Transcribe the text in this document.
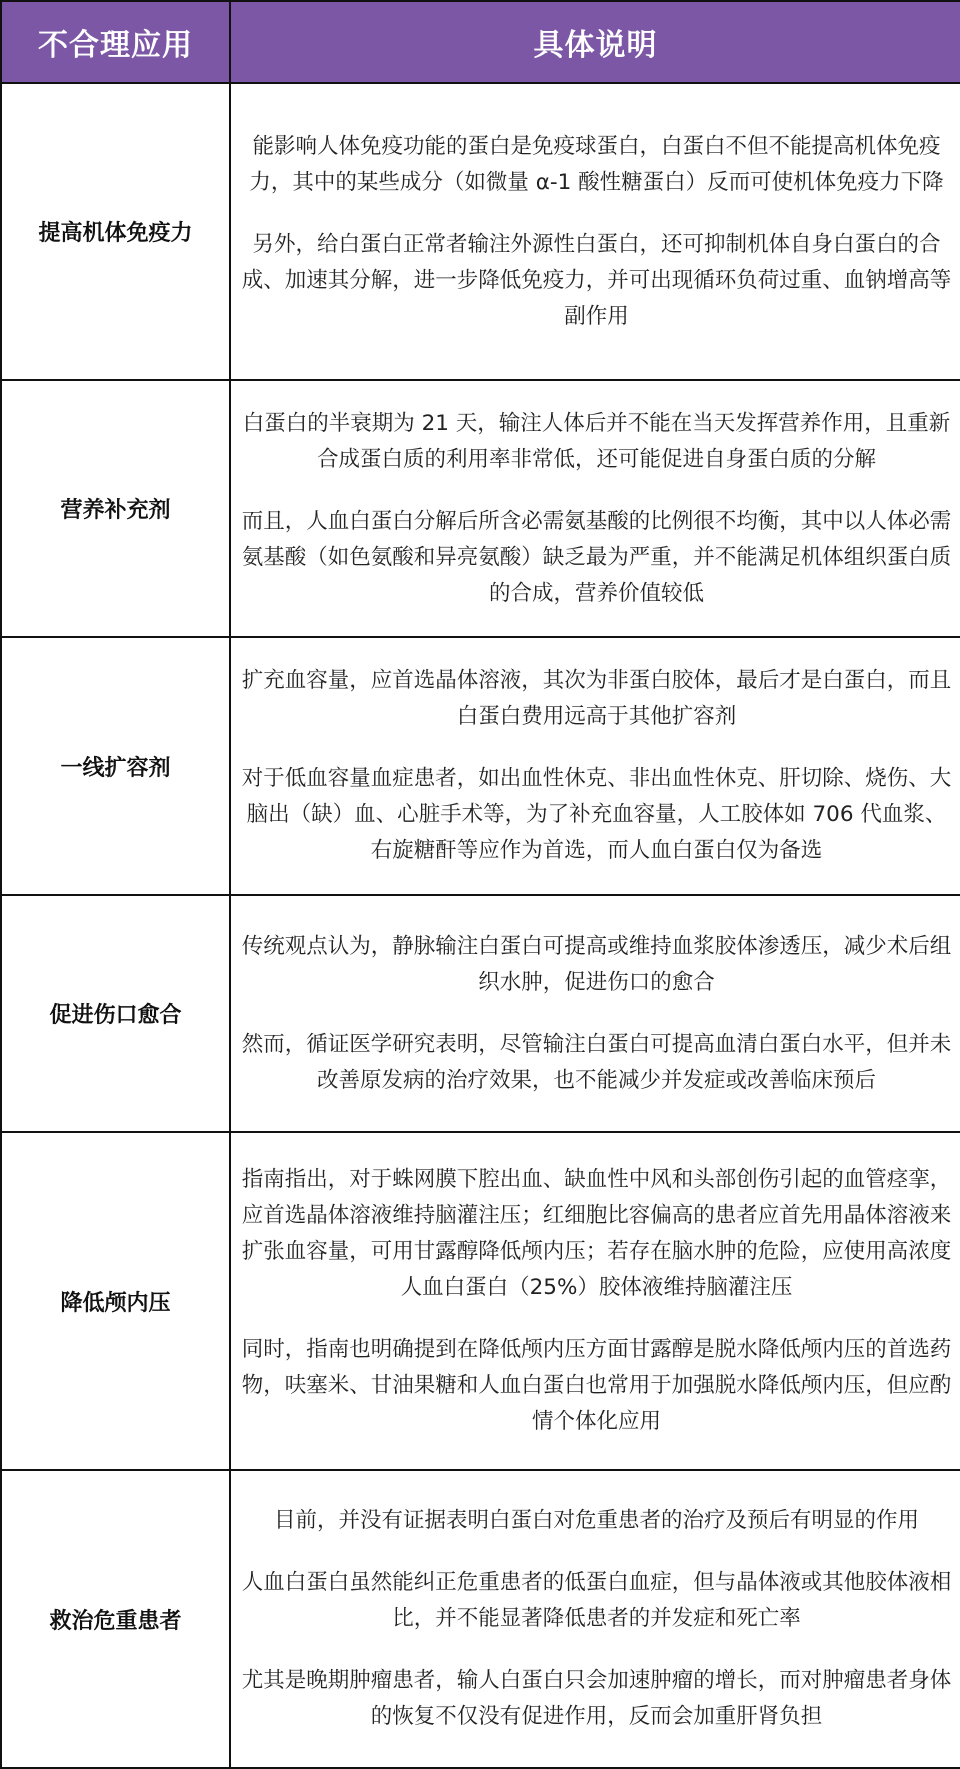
不合理应用	具体说明
提高机体免疫力	能影响人体免疫功能的蛋白是免疫球蛋白，白蛋白不但不能提高机体免疫力，其中的某些成分（如微量 α-1 酸性糖蛋白）反而可使机体免疫力下降

另外，给白蛋白正常者输注外源性白蛋白，还可抑制机体自身白蛋白的合成、加速其分解，进一步降低免疫力，并可出现循环负荷过重、血钠增高等副作用

营养补充剂	白蛋白的半衰期为 21 天，输注人体后并不能在当天发挥营养作用，且重新合成蛋白质的利用率非常低，还可能促进自身蛋白质的分解

而且，人血白蛋白分解后所含必需氨基酸的比例很不均衡，其中以人体必需氨基酸（如色氨酸和异亮氨酸）缺乏最为严重，并不能满足机体组织蛋白质的合成，营养价值较低

一线扩容剂	扩充血容量，应首选晶体溶液，其次为非蛋白胶体，最后才是白蛋白，而且白蛋白费用远高于其他扩容剂

对于低血容量血症患者，如出血性休克、非出血性休克、肝切除、烧伤、大脑出（缺）血、心脏手术等，为了补充血容量，人工胶体如 706 代血浆、右旋糖酐等应作为首选，而人血白蛋白仅为备选

促进伤口愈合	传统观点认为，静脉输注白蛋白可提高或维持血浆胶体渗透压，减少术后组织水肿，促进伤口的愈合

然而，循证医学研究表明，尽管输注白蛋白可提高血清白蛋白水平，但并未改善原发病的治疗效果，也不能减少并发症或改善临床预后

降低颅内压	指南指出，对于蛛网膜下腔出血、缺血性中风和头部创伤引起的血管痉挛，应首选晶体溶液维持脑灌注压；红细胞比容偏高的患者应首先用晶体溶液来扩张血容量，可用甘露醇降低颅内压；若存在脑水肿的危险，应使用高浓度人血白蛋白（25%）胶体液维持脑灌注压

同时，指南也明确提到在降低颅内压方面甘露醇是脱水降低颅内压的首选药物，呋塞米、甘油果糖和人血白蛋白也常用于加强脱水降低颅内压，但应酌情个体化应用

救治危重患者	目前，并没有证据表明白蛋白对危重患者的治疗及预后有明显的作用

人血白蛋白虽然能纠正危重患者的低蛋白血症，但与晶体液或其他胶体液相比，并不能显著降低患者的并发症和死亡率

尤其是晚期肿瘤患者，输人白蛋白只会加速肿瘤的增长，而对肿瘤患者身体的恢复不仅没有促进作用，反而会加重肝肾负担
